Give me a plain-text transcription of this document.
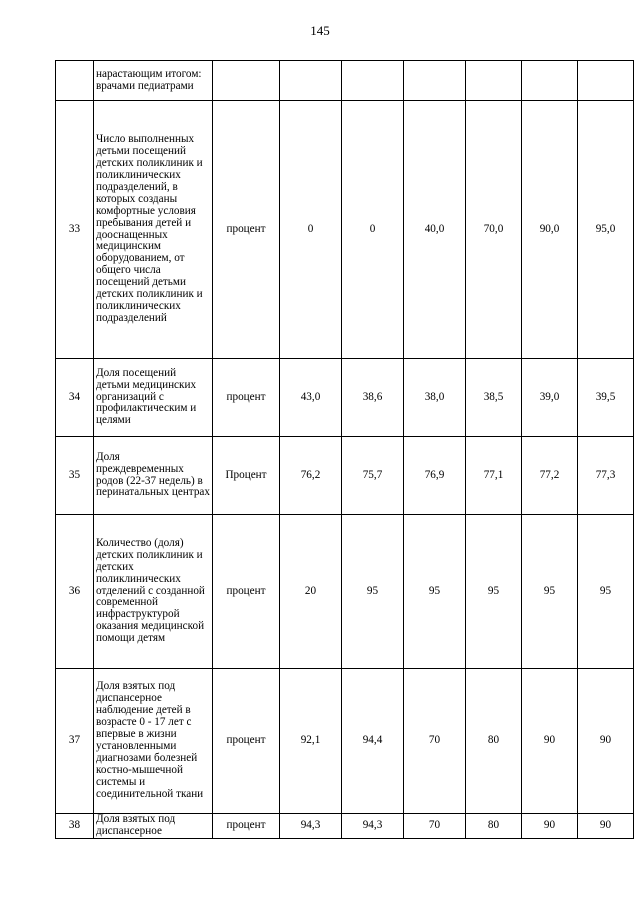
145
	нарастающим итогом: врачами педиатрами							
33	Число выполненных детьми посещений детских поликлиник и поликлинических подразделений, в которых созданы комфортные условия пребывания детей и дооснащенных медицинским оборудованием, от общего числа посещений детьми детских поликлиник и поликлинических подразделений	процент	0	0	40,0	70,0	90,0	95,0
34	Доля посещений детьми медицинских организаций с профилактическим и целями	процент	43,0	38,6	38,0	38,5	39,0	39,5
35	Доля преждевременных родов (22-37 недель) в перинатальных центрах	Процент	76,2	75,7	76,9	77,1	77,2	77,3
36	Количество (доля) детских поликлиник и детских поликлинических отделений с созданной современной инфраструктурой оказания медицинской помощи детям	процент	20	95	95	95	95	95
37	Доля взятых под диспансерное наблюдение детей в возрасте 0 - 17 лет с впервые в жизни установленными диагнозами болезней костно-мышечной системы и соединительной ткани	процент	92,1	94,4	70	80	90	90
38	Доля взятых под диспансерное	процент	94,3	94,3	70	80	90	90
